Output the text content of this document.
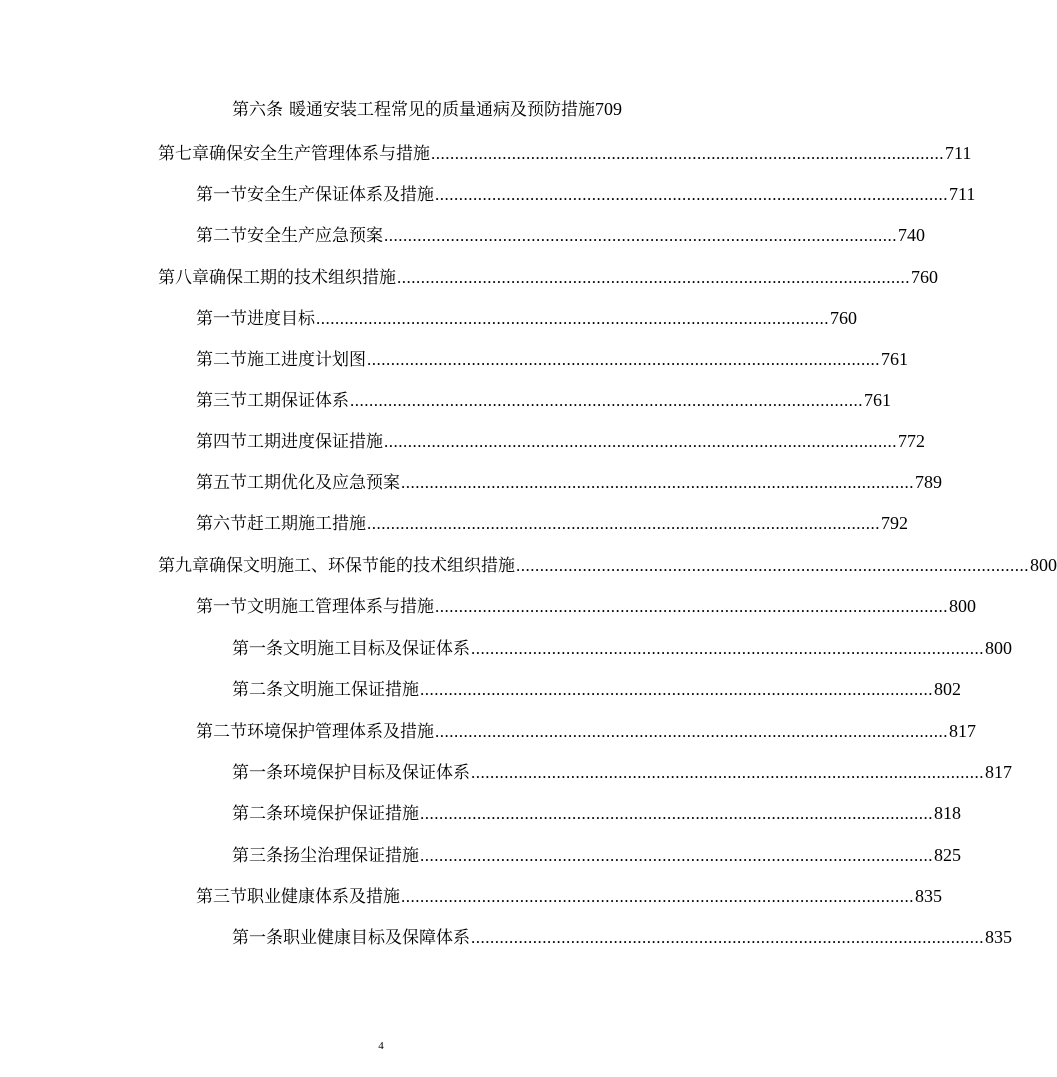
第六条 暖通安装工程常见的质量通病及预防措施 709
第七章 确保安全生产管理体系与措施 ............................................................................................................ 711
第一节 安全生产保证体系及措施 ............................................................................................................ 711
第二节 安全生产应急预案 ............................................................................................................ 740
第八章 确保工期的技术组织措施 ............................................................................................................ 760
第一节 进度目标 ............................................................................................................ 760
第二节 施工进度计划图 ............................................................................................................ 761
第三节 工期保证体系 ............................................................................................................ 761
第四节 工期进度保证措施 ............................................................................................................ 772
第五节 工期优化及应急预案 ............................................................................................................ 789
第六节 赶工期施工措施 ............................................................................................................ 792
第九章 确保文明施工、环保节能的技术组织措施 ............................................................................................................ 800
第一节 文明施工管理体系与措施 ............................................................................................................ 800
第一条 文明施工目标及保证体系 ............................................................................................................ 800
第二条 文明施工保证措施 ............................................................................................................ 802
第二节 环境保护管理体系及措施 ............................................................................................................ 817
第一条 环境保护目标及保证体系 ............................................................................................................ 817
第二条 环境保护保证措施 ............................................................................................................ 818
第三条 扬尘治理保证措施 ............................................................................................................ 825
第三节 职业健康体系及措施 ............................................................................................................ 835
第一条 职业健康目标及保障体系 ............................................................................................................ 835
4
